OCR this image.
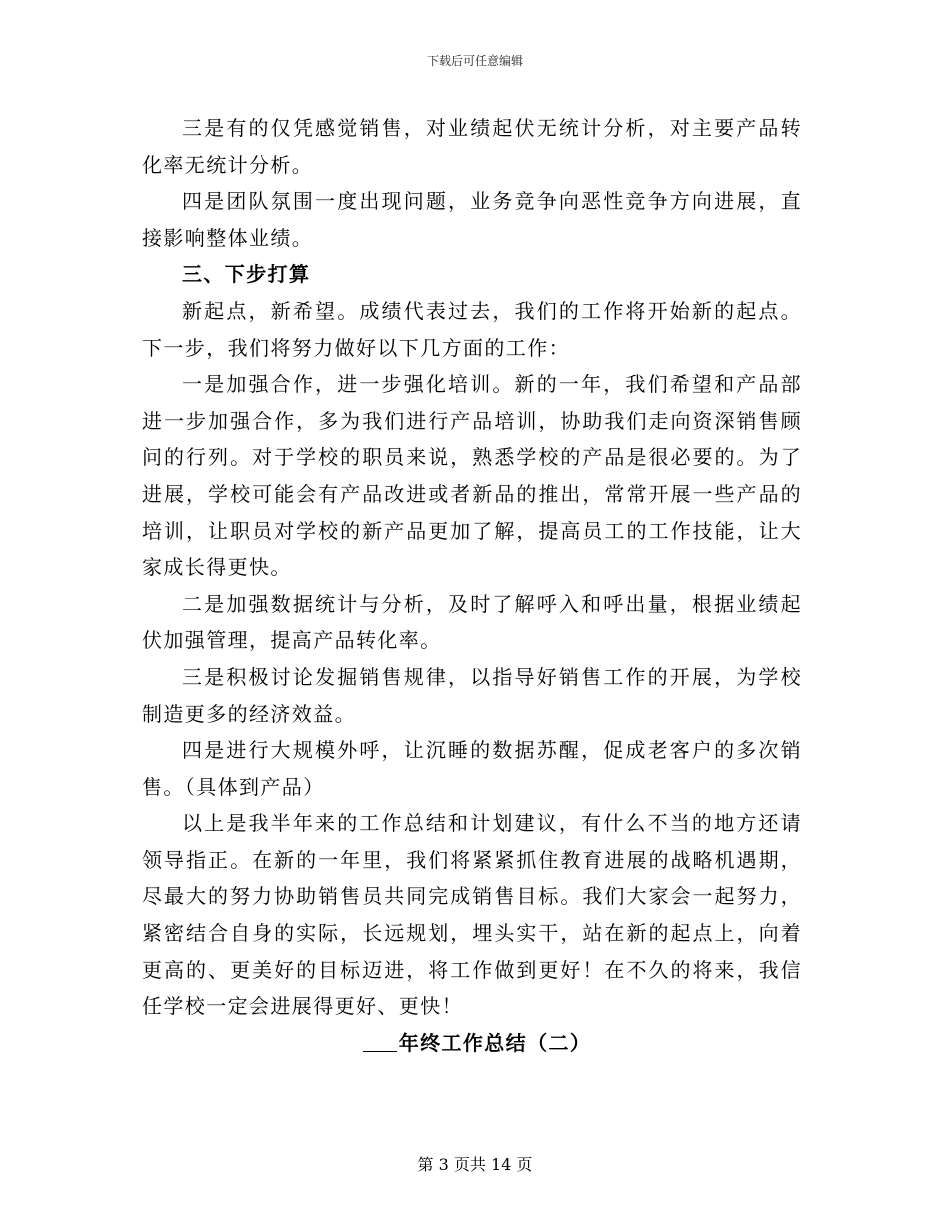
下载后可任意编辑

三是有的仅凭感觉销售，对业绩起伏无统计分析，对主要产品转化率无统计分析。

四是团队氛围一度出现问题，业务竞争向恶性竞争方向进展，直接影响整体业绩。

三、下步打算

新起点，新希望。成绩代表过去，我们的工作将开始新的起点。下一步，我们将努力做好以下几方面的工作：

一是加强合作，进一步强化培训。新的一年，我们希望和产品部进一步加强合作，多为我们进行产品培训，协助我们走向资深销售顾问的行列。对于学校的职员来说，熟悉学校的产品是很必要的。为了进展，学校可能会有产品改进或者新品的推出，常常开展一些产品的培训，让职员对学校的新产品更加了解，提高员工的工作技能，让大家成长得更快。

二是加强数据统计与分析，及时了解呼入和呼出量，根据业绩起伏加强管理，提高产品转化率。

三是积极讨论发掘销售规律，以指导好销售工作的开展，为学校制造更多的经济效益。

四是进行大规模外呼，让沉睡的数据苏醒，促成老客户的多次销售。（具体到产品）

以上是我半年来的工作总结和计划建议，有什么不当的地方还请领导指正。在新的一年里，我们将紧紧抓住教育进展的战略机遇期，尽最大的努力协助销售员共同完成销售目标。我们大家会一起努力，紧密结合自身的实际，长远规划，埋头实干，站在新的起点上，向着更高的、更美好的目标迈进，将工作做到更好！在不久的将来，我信任学校一定会进展得更好、更快！

年终工作总结（二）

第 3 页共 14 页
